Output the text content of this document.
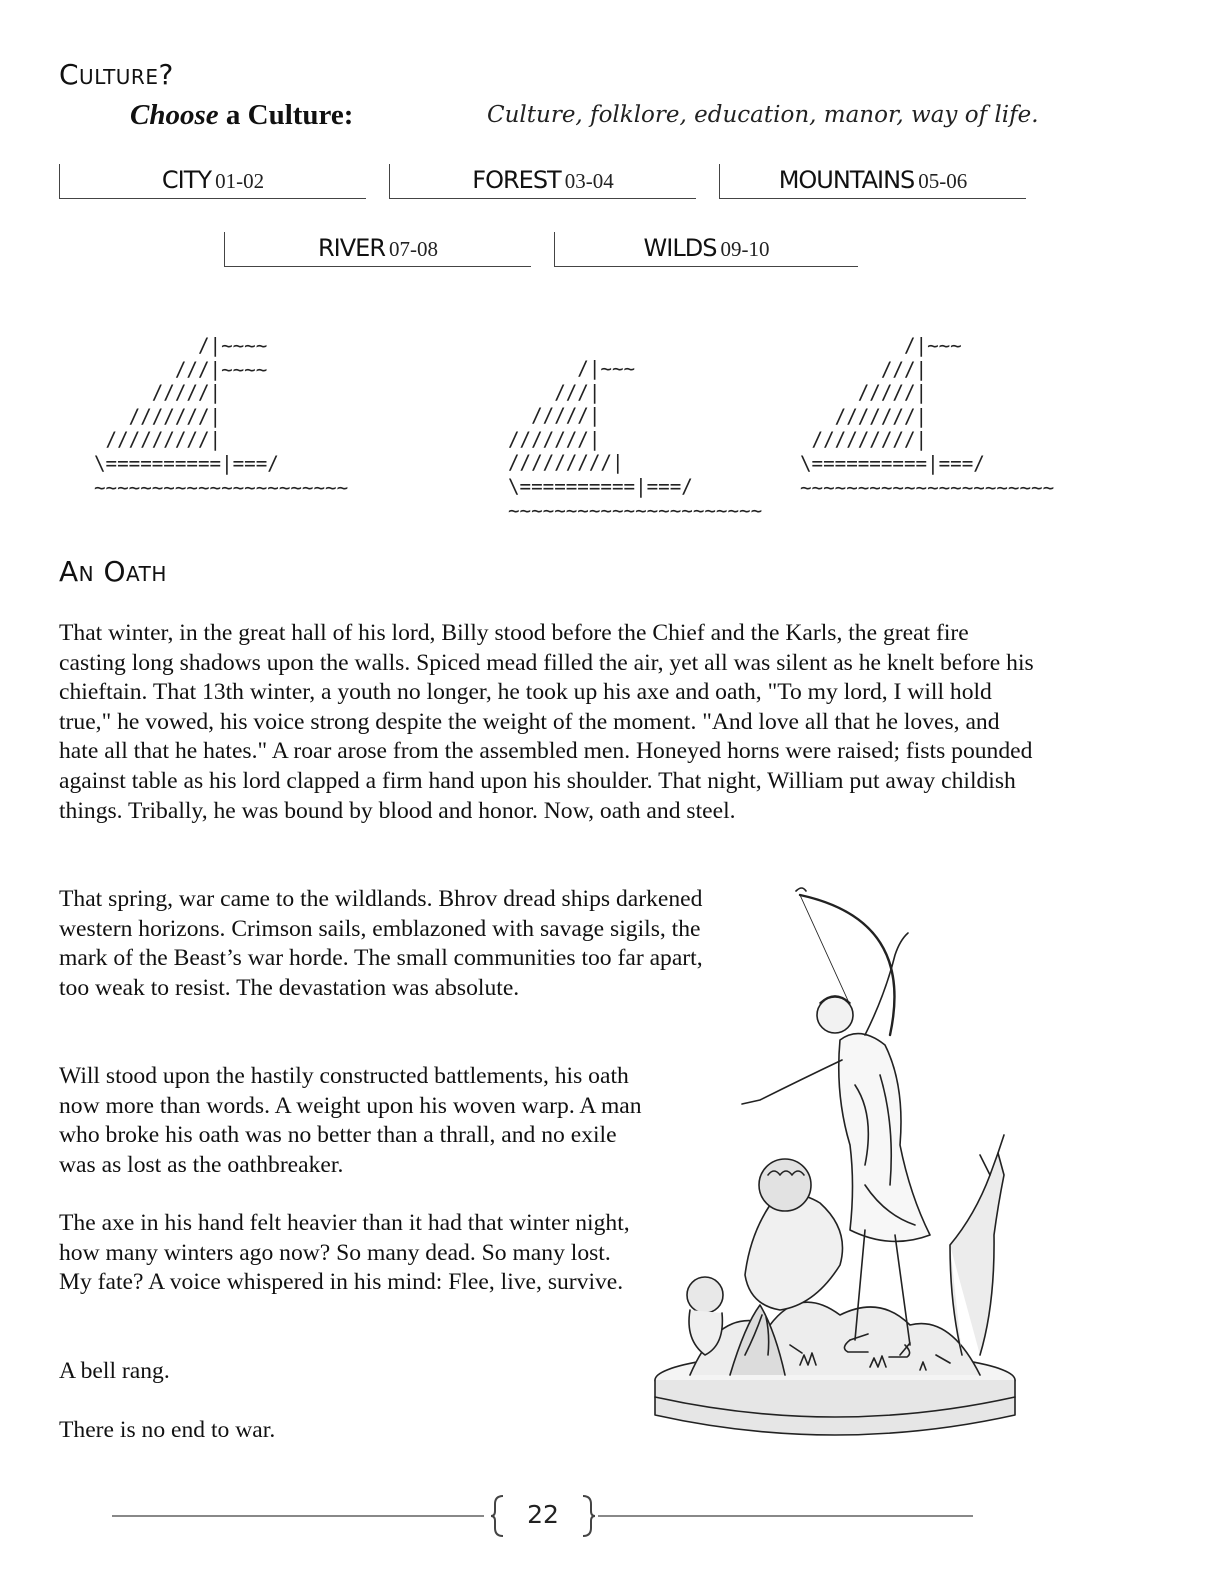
Culture?
Choose a Culture:	Culture, folklore, education, manor, way of life.
CITY 01-02	FOREST 03-04	MOUNTAINS 05-06
RIVER 07-08	WILDS 09-10
/|~~~~
///|~~~~
/////|
///////|
/////////|
\==========|===/
~~~~~~~~~~~~~~~~~~~~~~
/|~~~
///|
/////|
///////|
/////////|
\==========|===/
~~~~~~~~~~~~~~~~~~~~~~
/|~~~
///|
/////|
///////|
/////////|
\==========|===/
~~~~~~~~~~~~~~~~~~~~~~
An Oath

That winter, in the great hall of his lord, Billy stood before the Chief and the Karls, the great fire casting long shadows upon the walls. Spiced mead filled the air, yet all was silent as he knelt before his chieftain. That 13th winter, a youth no longer, he took up his axe and oath, "To my lord, I will hold true," he vowed, his voice strong despite the weight of the moment. "And love all that he loves, and hate all that he hates." A roar arose from the assembled men. Honeyed horns were raised; fists pounded against table as his lord clapped a firm hand upon his shoulder. That night, William put away childish things. Tribally, he was bound by blood and honor. Now, oath and steel.

That spring, war came to the wildlands. Bhrov dread ships darkened western horizons. Crimson sails, emblazoned with savage sigils, the mark of the Beast’s war horde. The small communities too far apart, too weak to resist. The devastation was absolute.

Will stood upon the hastily constructed battlements, his oath now more than words. A weight upon his woven warp. A man who broke his oath was no better than a thrall, and no exile was as lost as the oathbreaker.

The axe in his hand felt heavier than it had that winter night, how many winters ago now? So many dead. So many lost. My fate? A voice whispered in his mind: Flee, live, survive.

A bell rang.

There is no end to war.

22
